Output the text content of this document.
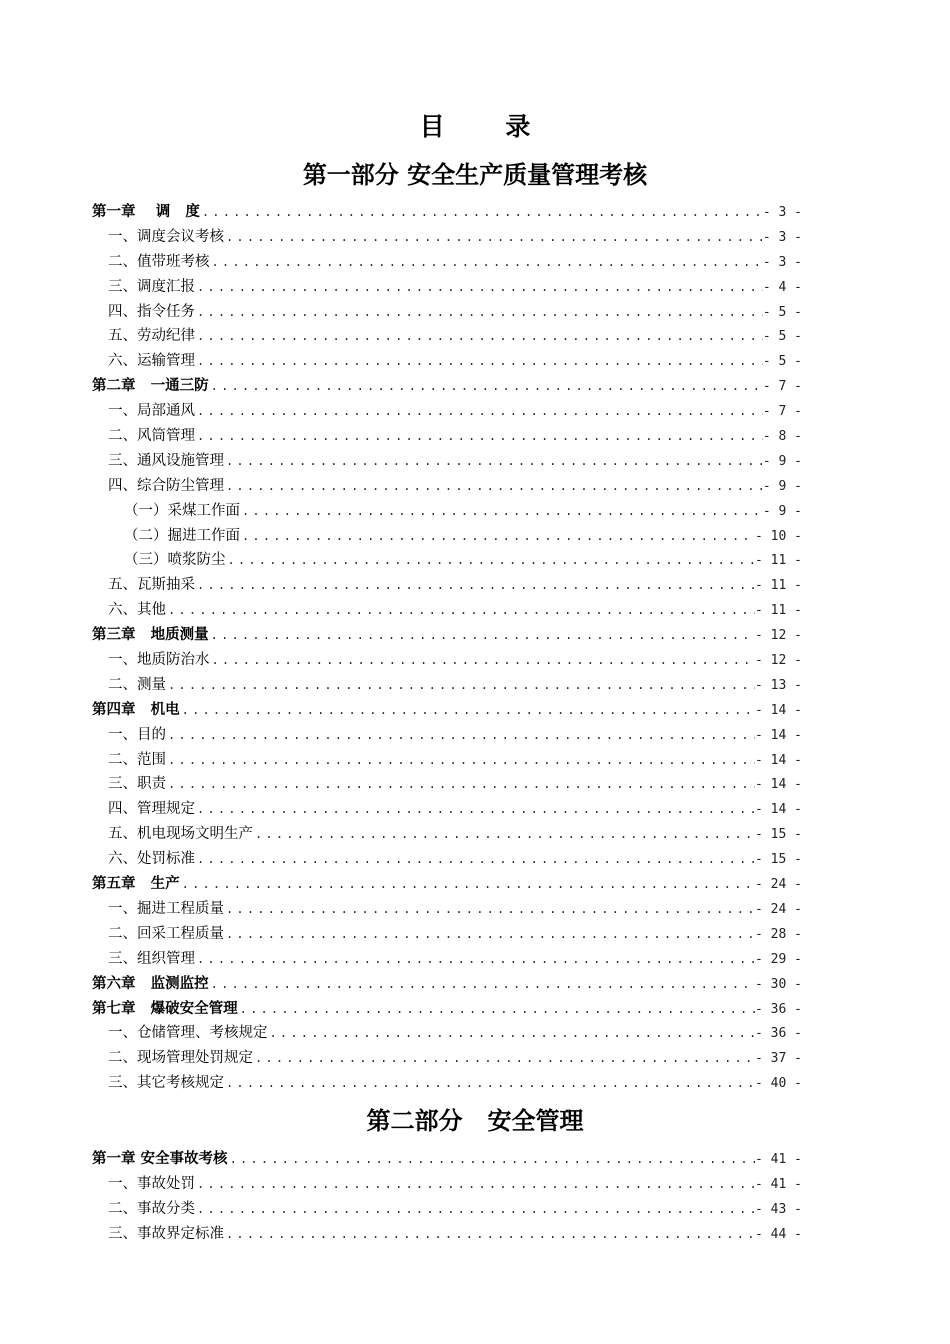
目 录
第一部分 安全生产质量管理考核
第一章    调   度 .....	- 3 -
一、调度会议考核 .....	- 3 -
二、值带班考核 .....	- 3 -
三、调度汇报 .....	- 4 -
四、指令任务 .....	- 5 -
五、劳动纪律 .....	- 5 -
六、运输管理 .....	- 5 -
第二章   一通三防 .....	- 7 -
一、局部通风 .....	- 7 -
二、风筒管理 .....	- 8 -
三、通风设施管理 .....	- 9 -
四、综合防尘管理 .....	- 9 -
（一）采煤工作面 .....	- 9 -
（二）掘进工作面 .....	- 10 -
（三）喷浆防尘 .....	- 11 -
五、瓦斯抽采 .....	- 11 -
六、其他 .....	- 11 -
第三章   地质测量 .....	- 12 -
一、地质防治水 .....	- 12 -
二、测量 .....	- 13 -
第四章   机电 .....	- 14 -
一、目的 .....	- 14 -
二、范围 .....	- 14 -
三、职责 .....	- 14 -
四、管理规定 .....	- 14 -
五、机电现场文明生产 .....	- 15 -
六、处罚标准 .....	- 15 -
第五章   生产 .....	- 24 -
一、掘进工程质量 .....	- 24 -
二、回采工程质量 .....	- 28 -
三、组织管理 .....	- 29 -
第六章   监测监控 .....	- 30 -
第七章   爆破安全管理 .....	- 36 -
一、仓储管理、考核规定 .....	- 36 -
二、现场管理处罚规定 .....	- 37 -
三、其它考核规定 .....	- 40 -
第二部分   安全管理
第一章 安全事故考核 .....	- 41 -
一、事故处罚 .....	- 41 -
二、事故分类 .....	- 43 -
三、事故界定标准 .....	- 44 -
